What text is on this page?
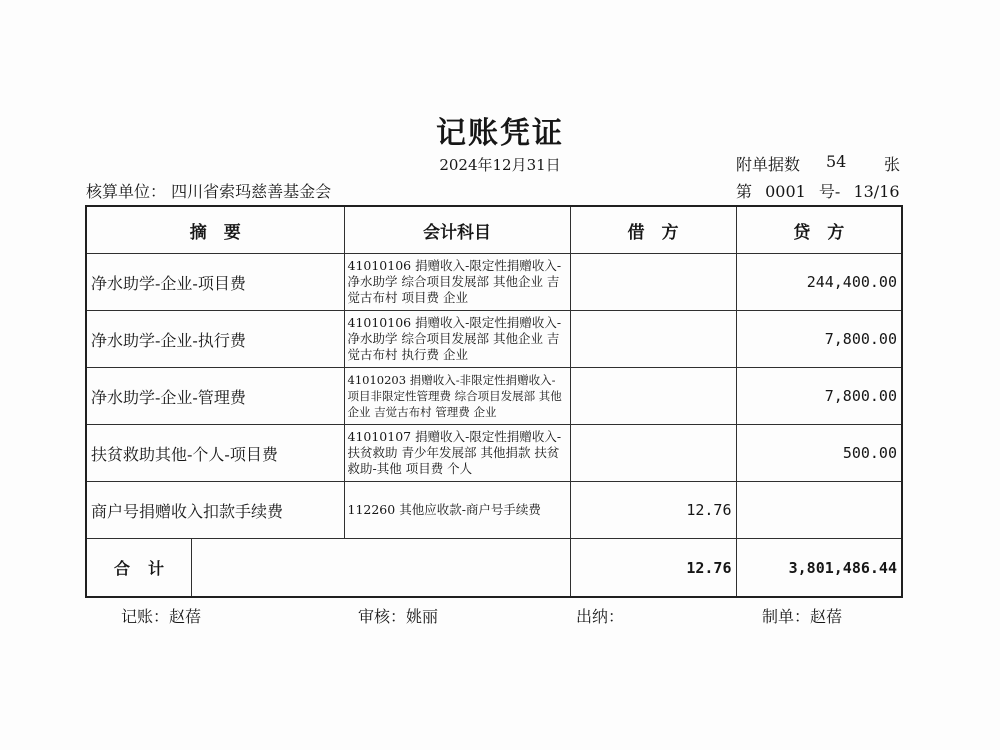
记账凭证
2024年12月31日	附单据数 54 张
核算单位： 四川省索玛慈善基金会	第 0001 号- 13/16
摘　要	会计科目	借　方	贷　方
净水助学-企业-项目费	41010106 捐赠收入-限定性捐赠收入-净水助学 综合项目发展部 其他企业 吉觉古布村 项目费 企业		244,400.00
净水助学-企业-执行费	41010106 捐赠收入-限定性捐赠收入-净水助学 综合项目发展部 其他企业 吉觉古布村 执行费 企业		7,800.00
净水助学-企业-管理费	41010203 捐赠收入-非限定性捐赠收入-项目非限定性管理费 综合项目发展部 其他企业 吉觉古布村 管理费 企业		7,800.00
扶贫救助其他-个人-项目费	41010107 捐赠收入-限定性捐赠收入-扶贫救助 青少年发展部 其他捐款 扶贫救助-其他 项目费 个人		500.00
商户号捐赠收入扣款手续费	112260 其他应收款-商户号手续费	12.76	

合计		12.76	3,801,486.44
记账：赵蓓	审核：姚丽	出纳：	制单：赵蓓
